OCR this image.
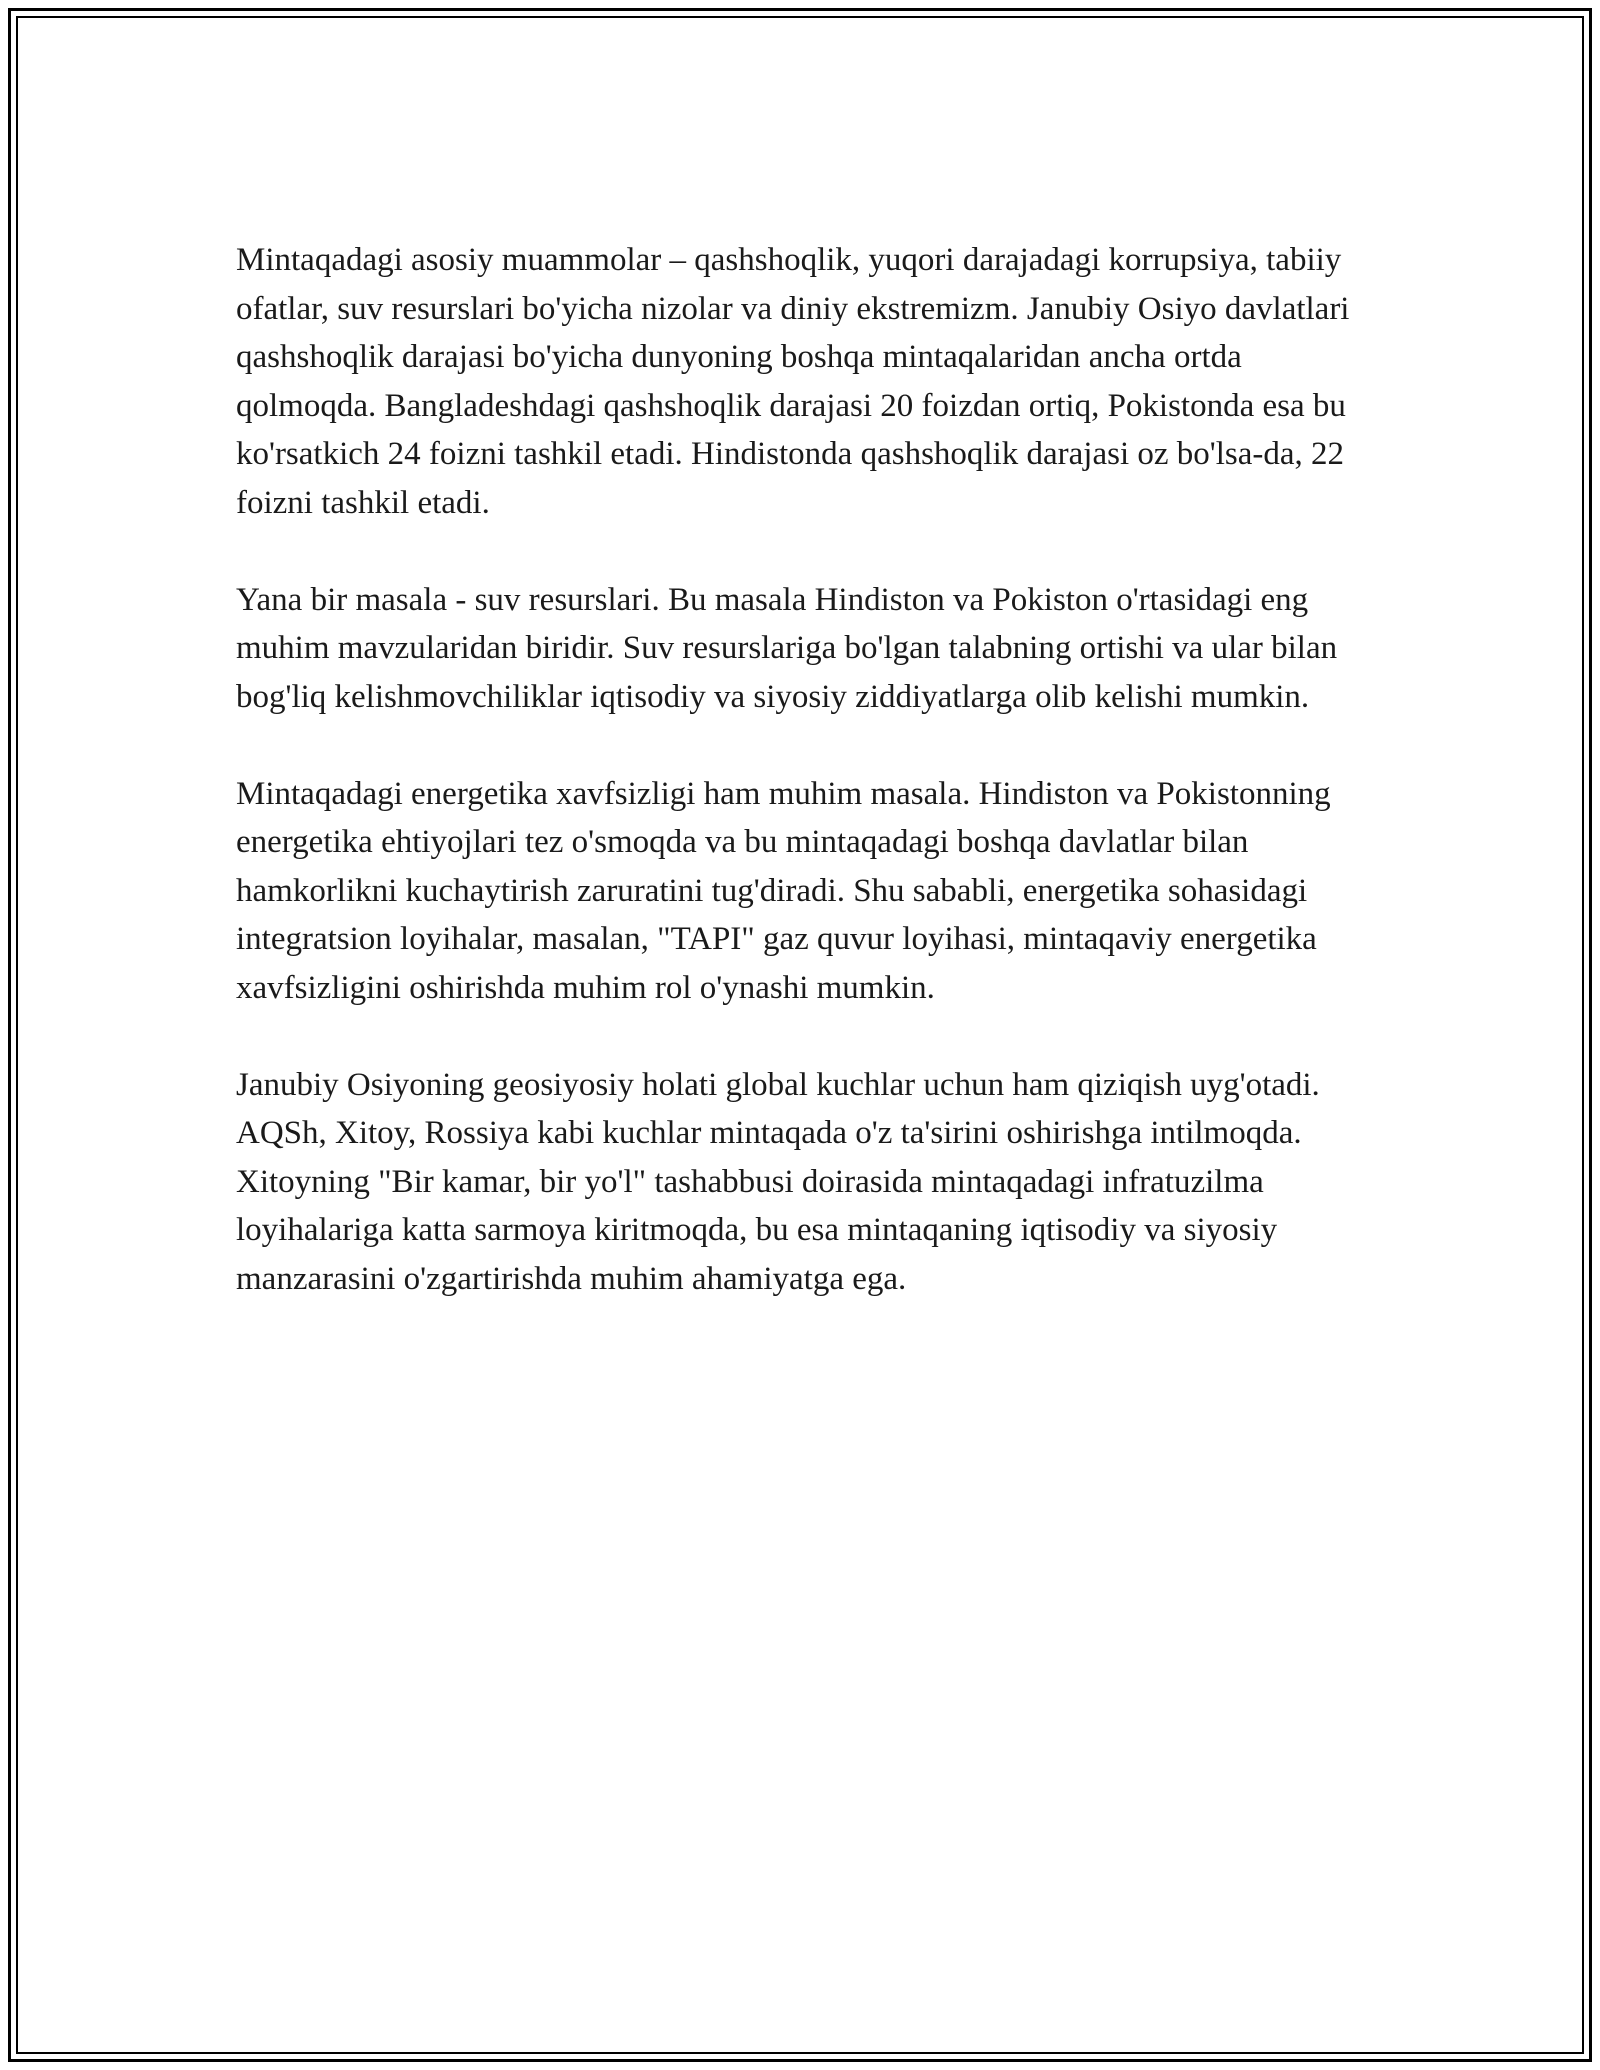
Mintaqadagi asosiy muammolar – qashshoqlik, yuqori darajadagi korrupsiya, tabiiy ofatlar, suv resurslari bo'yicha nizolar va diniy ekstremizm. Janubiy Osiyo davlatlari qashshoqlik darajasi bo'yicha dunyoning boshqa mintaqalaridan ancha ortda qolmoqda. Bangladeshdagi qashshoqlik darajasi 20 foizdan ortiq, Pokistonda esa bu ko'rsatkich 24 foizni tashkil etadi. Hindistonda qashshoqlik darajasi oz bo'lsa-da, 22 foizni tashkil etadi.

Yana bir masala - suv resurslari. Bu masala Hindiston va Pokiston o'rtasidagi eng muhim mavzularidan biridir. Suv resurslariga bo'lgan talabning ortishi va ular bilan bog'liq kelishmovchiliklar iqtisodiy va siyosiy ziddiyatlarga olib kelishi mumkin.

Mintaqadagi energetika xavfsizligi ham muhim masala. Hindiston va Pokistonning energetika ehtiyojlari tez o'smoqda va bu mintaqadagi boshqa davlatlar bilan hamkorlikni kuchaytirish zaruratini tug'diradi. Shu sababli, energetika sohasidagi integratsion loyihalar, masalan, "TAPI" gaz quvur loyihasi, mintaqaviy energetika xavfsizligini oshirishda muhim rol o'ynashi mumkin.

Janubiy Osiyoning geosiyosiy holati global kuchlar uchun ham qiziqish uyg'otadi. AQSh, Xitoy, Rossiya kabi kuchlar mintaqada o'z ta'sirini oshirishga intilmoqda. Xitoyning "Bir kamar, bir yo'l" tashabbusi doirasida mintaqadagi infratuzilma loyihalariga katta sarmoya kiritmoqda, bu esa mintaqaning iqtisodiy va siyosiy manzarasini o'zgartirishda muhim ahamiyatga ega.
